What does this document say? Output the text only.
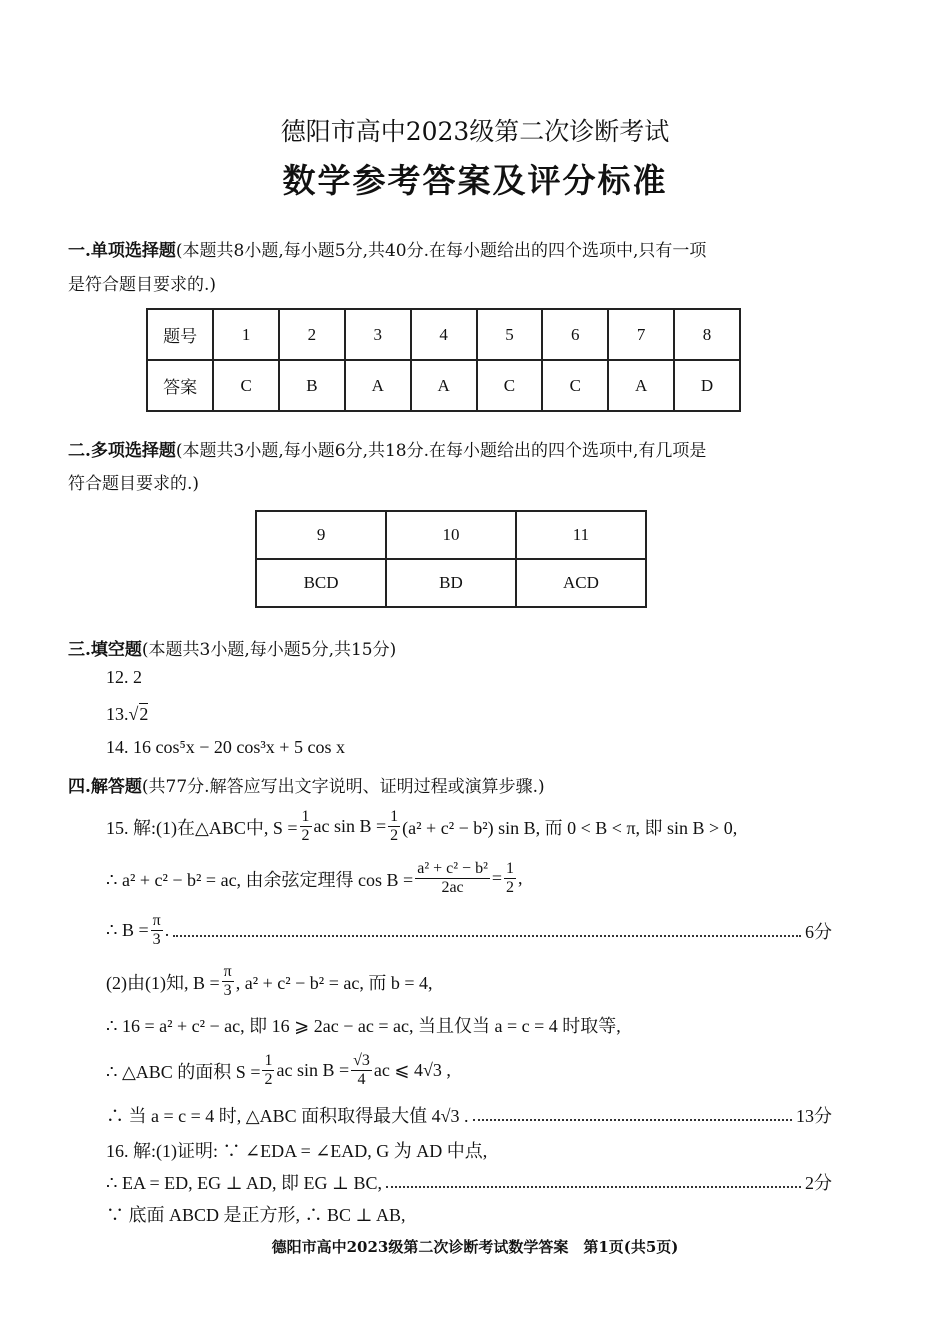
德阳市高中2023级第二次诊断考试
数学参考答案及评分标准
一.单项选择题(本题共8小题,每小题5分,共40分.在每小题给出的四个选项中,只有一项
是符合题目要求的.)
题号	1	2	3	4	5	6	7	8
答案	C	B	A	A	C	C	A	D
二.多项选择题(本题共3小题,每小题6分,共18分.在每小题给出的四个选项中,有几项是
符合题目要求的.)
9	10	11
BCD	BD	ACD
三.填空题(本题共3小题,每小题5分,共15分)
12. 2
13. √ 2
14. 16 cos⁵x − 20 cos³x + 5 cos x
四.解答题(共77分.解答应写出文字说明、证明过程或演算步骤.)
15. 解:(1)在△ABC中, $S = \frac{1}{2}$ ac $\sin B = \frac{1}{2} (a^2 + c^2 - b^2)$ sin B, 而 0 < B < π, 即 sin B > 0,
∴ a² + c² − b² = ac, 由余弦定理得 $\cos B = \frac{\text{a² + c² − b²}}{2ac} = \frac{1}{2}$ ,
∴ $B = \frac{\pi}{3}$ .	6分
(2)由(1)知, $B = \frac{\pi}{3}$ , a² + c² − b² = ac, 而 b = 4,
∴ 16 = a² + c² − ac, 即 16 ⩾ 2ac − ac = ac, 当且仅当 a = c = 4 时取等,
∴ △ABC 的面积 $S = \frac{1}{2}$ ac $\sin B = \frac{√3}{4}$ ac ⩽ 4√3 ,
∴ 当 a = c = 4 时, △ABC 面积取得最大值 4√3 .	13分
16. 解:(1)证明: ∵ ∠EDA = ∠EAD, G 为 AD 中点,
∴ EA = ED, EG ⊥ AD, 即 EG ⊥ BC,	2分
∵ 底面 ABCD 是正方形, ∴ BC ⊥ AB,
德阳市高中2023级第二次诊断考试数学答案　第1页(共5页)
